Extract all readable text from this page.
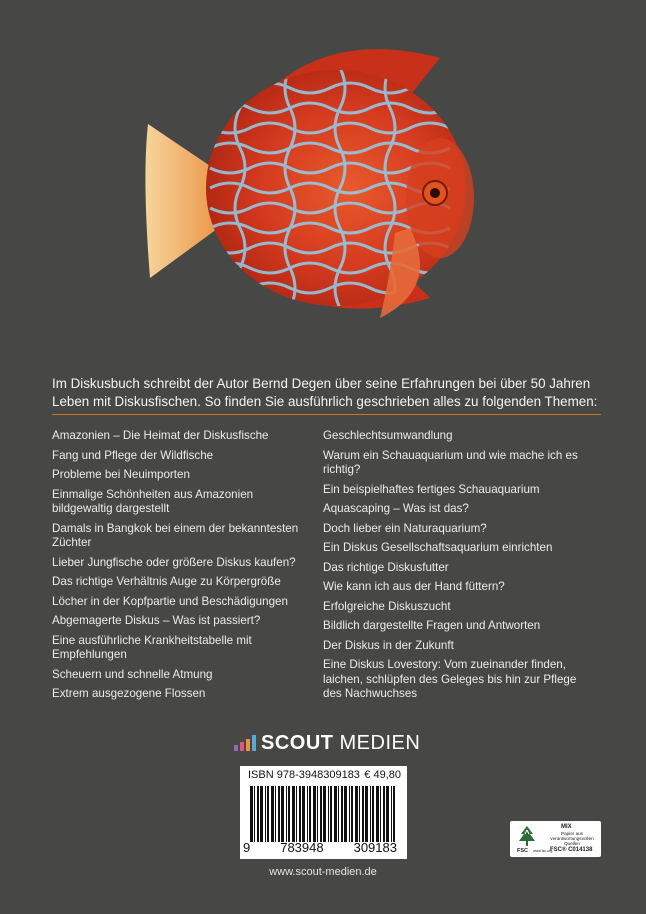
Im Diskusbuch schreibt der Autor Bernd Degen über seine Erfahrungen bei über 50 Jahren
Leben mit Diskusfischen. So finden Sie ausführlich geschrieben alles zu folgenden Themen:
Amazonien – Die Heimat der Diskusfische
Fang und Pflege der Wildfische
Probleme bei Neuimporten
Einmalige Schönheiten aus Amazonien bildgewaltig dargestellt
Damals in Bangkok bei einem der bekanntesten Züchter
Lieber Jungfische oder größere Diskus kaufen?
Das richtige Verhältnis Auge zu Körpergröße
Löcher in der Kopfpartie und Beschädigungen
Abgemagerte Diskus – Was ist passiert?
Eine ausführliche Krankheitstabelle mit Empfehlungen
Scheuern und schnelle Atmung
Extrem ausgezogene Flossen
Geschlechtsumwandlung
Warum ein Schauaquarium und wie mache ich es richtig?
Ein beispielhaftes fertiges Schauaquarium
Aquascaping – Was ist das?
Doch lieber ein Naturaquarium?
Ein Diskus Gesellschaftsaquarium einrichten
Das richtige Diskusfutter
Wie kann ich aus der Hand füttern?
Erfolgreiche Diskuszucht
Bildlich dargestellte Fragen und Antworten
Der Diskus in der Zukunft
Eine Diskus Lovestory: Vom zueinander finden, laichen, schlüpfen des Geleges bis hin zur Pflege des Nachwuchses
SCOUT MEDIEN
ISBN 978-3948309183 € 49,80
9 783948 309183
MIX
Papier aus verantwortungsvollen Quellen
FSC www.fsc.org
FSC® C014138
www.scout-medien.de
